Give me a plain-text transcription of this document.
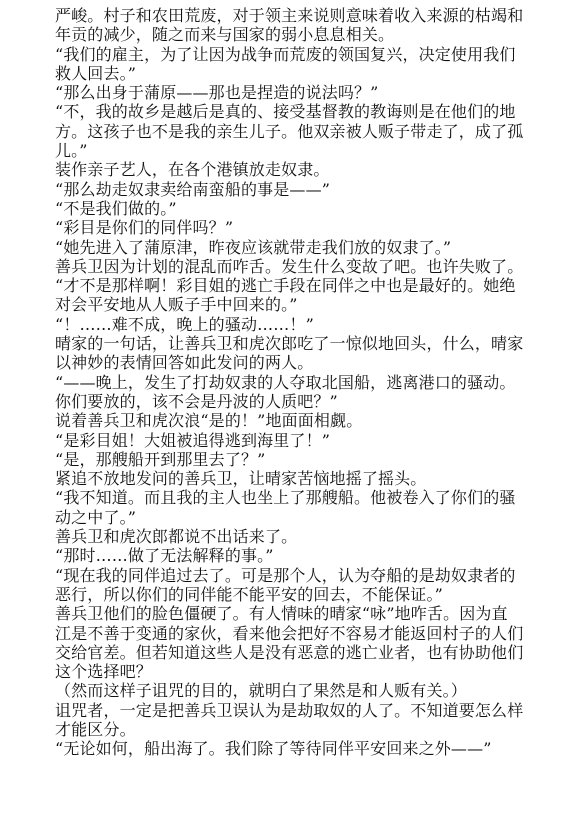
严峻。村子和农田荒废，对于领主来说则意味着收入来源的枯竭和
年贡的减少，随之而来与国家的弱小息息相关。
“我们的雇主，为了让因为战争而荒废的领国复兴，决定使用我们
救人回去。”
“那么出身于蒲原——那也是捏造的说法吗？”
“不，我的故乡是越后是真的、接受基督教的教诲则是在他们的地
方。这孩子也不是我的亲生儿子。他双亲被人贩子带走了，成了孤
儿。”
装作亲子艺人，在各个港镇放走奴隶。
“那么劫走奴隶卖给南蛮船的事是——”
“不是我们做的。”
“彩目是你们的同伴吗？”
“她先进入了蒲原津，昨夜应该就带走我们放的奴隶了。”
善兵卫因为计划的混乱而咋舌。发生什么变故了吧。也许失败了。
“才不是那样啊！彩目姐的逃亡手段在同伴之中也是最好的。她绝
对会平安地从人贩子手中回来的。”
“！……难不成，晚上的骚动……！”
晴家的一句话，让善兵卫和虎次郎吃了一惊似地回头，什么，晴家
以神妙的表情回答如此发问的两人。
“——晚上，发生了打劫奴隶的人夺取北国船，逃离港口的骚动。
你们要放的，该不会是丹波的人质吧？”
说着善兵卫和虎次浪“是的！”地面面相觑。
“是彩目姐！大姐被追得逃到海里了！”
“是，那艘船开到那里去了？”
紧追不放地发问的善兵卫，让晴家苦恼地摇了摇头。
“我不知道。而且我的主人也坐上了那艘船。他被卷入了你们的骚
动之中了。”
善兵卫和虎次郎都说不出话来了。
“那时……做了无法解释的事。”
“现在我的同伴追过去了。可是那个人，认为夺船的是劫奴隶者的
恶行，所以你们的同伴能不能平安的回去，不能保证。”
善兵卫他们的脸色僵硬了。有人情味的晴家“咏”地咋舌。因为直
江是不善于变通的家伙，看来他会把好不容易才能返回村子的人们
交给官差。但若知道这些人是没有恶意的逃亡业者，也有协助他们
这个选择吧？
（然而这样子诅咒的目的，就明白了果然是和人贩有关。）
诅咒者，一定是把善兵卫误认为是劫取奴的人了。不知道要怎么样
才能区分。
“无论如何，船出海了。我们除了等待同伴平安回来之外——”
